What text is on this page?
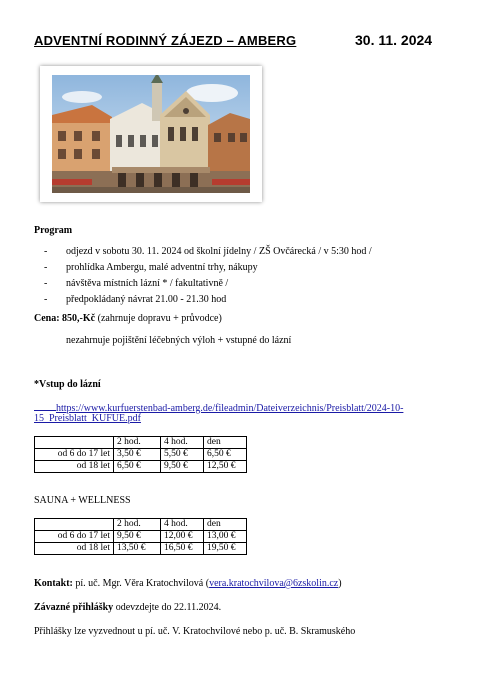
ADVENTNÍ RODINNÝ ZÁJEZD – AMBERG	30. 11. 2024
Program
- odjezd v sobotu 30. 11. 2024 od školní jídelny / ZŠ Ovčárecká / v 5:30 hod /
- prohlídka Ambergu, malé adventní trhy, nákupy
- návštěva místních lázní * / fakultativně /
- předpokládaný návrat 21.00 - 21.30 hod
Cena: 850,-Kč (zahrnuje dopravu + průvodce)
nezahrnuje pojištění léčebných výloh + vstupné do lázní
*Vstup do lázní
https://www.kurfuerstenbad-amberg.de/fileadmin/Dateiverzeichnis/Preisblatt/2024-10-
15_Preisblatt_KUFUE.pdf
	2 hod.	4 hod.	den
od 6 do 17 let	3,50 €	5,50 €	6,50 €
od 18 let	6,50 €	9,50 €	12,50 €
SAUNA + WELLNESS
	2 hod.	4 hod.	den
od 6 do 17 let	9,50 €	12,00 €	13,00 €
od 18 let	13,50 €	16,50 €	19,50 €
Kontakt: pí. uč. Mgr. Věra Kratochvilová (vera.kratochvilova@6zskolin.cz)
Závazné přihlášky odevzdejte do 22.11.2024.
Přihlášky lze vyzvednout u pí. uč. V. Kratochvilové nebo p. uč. B. Skramuského
